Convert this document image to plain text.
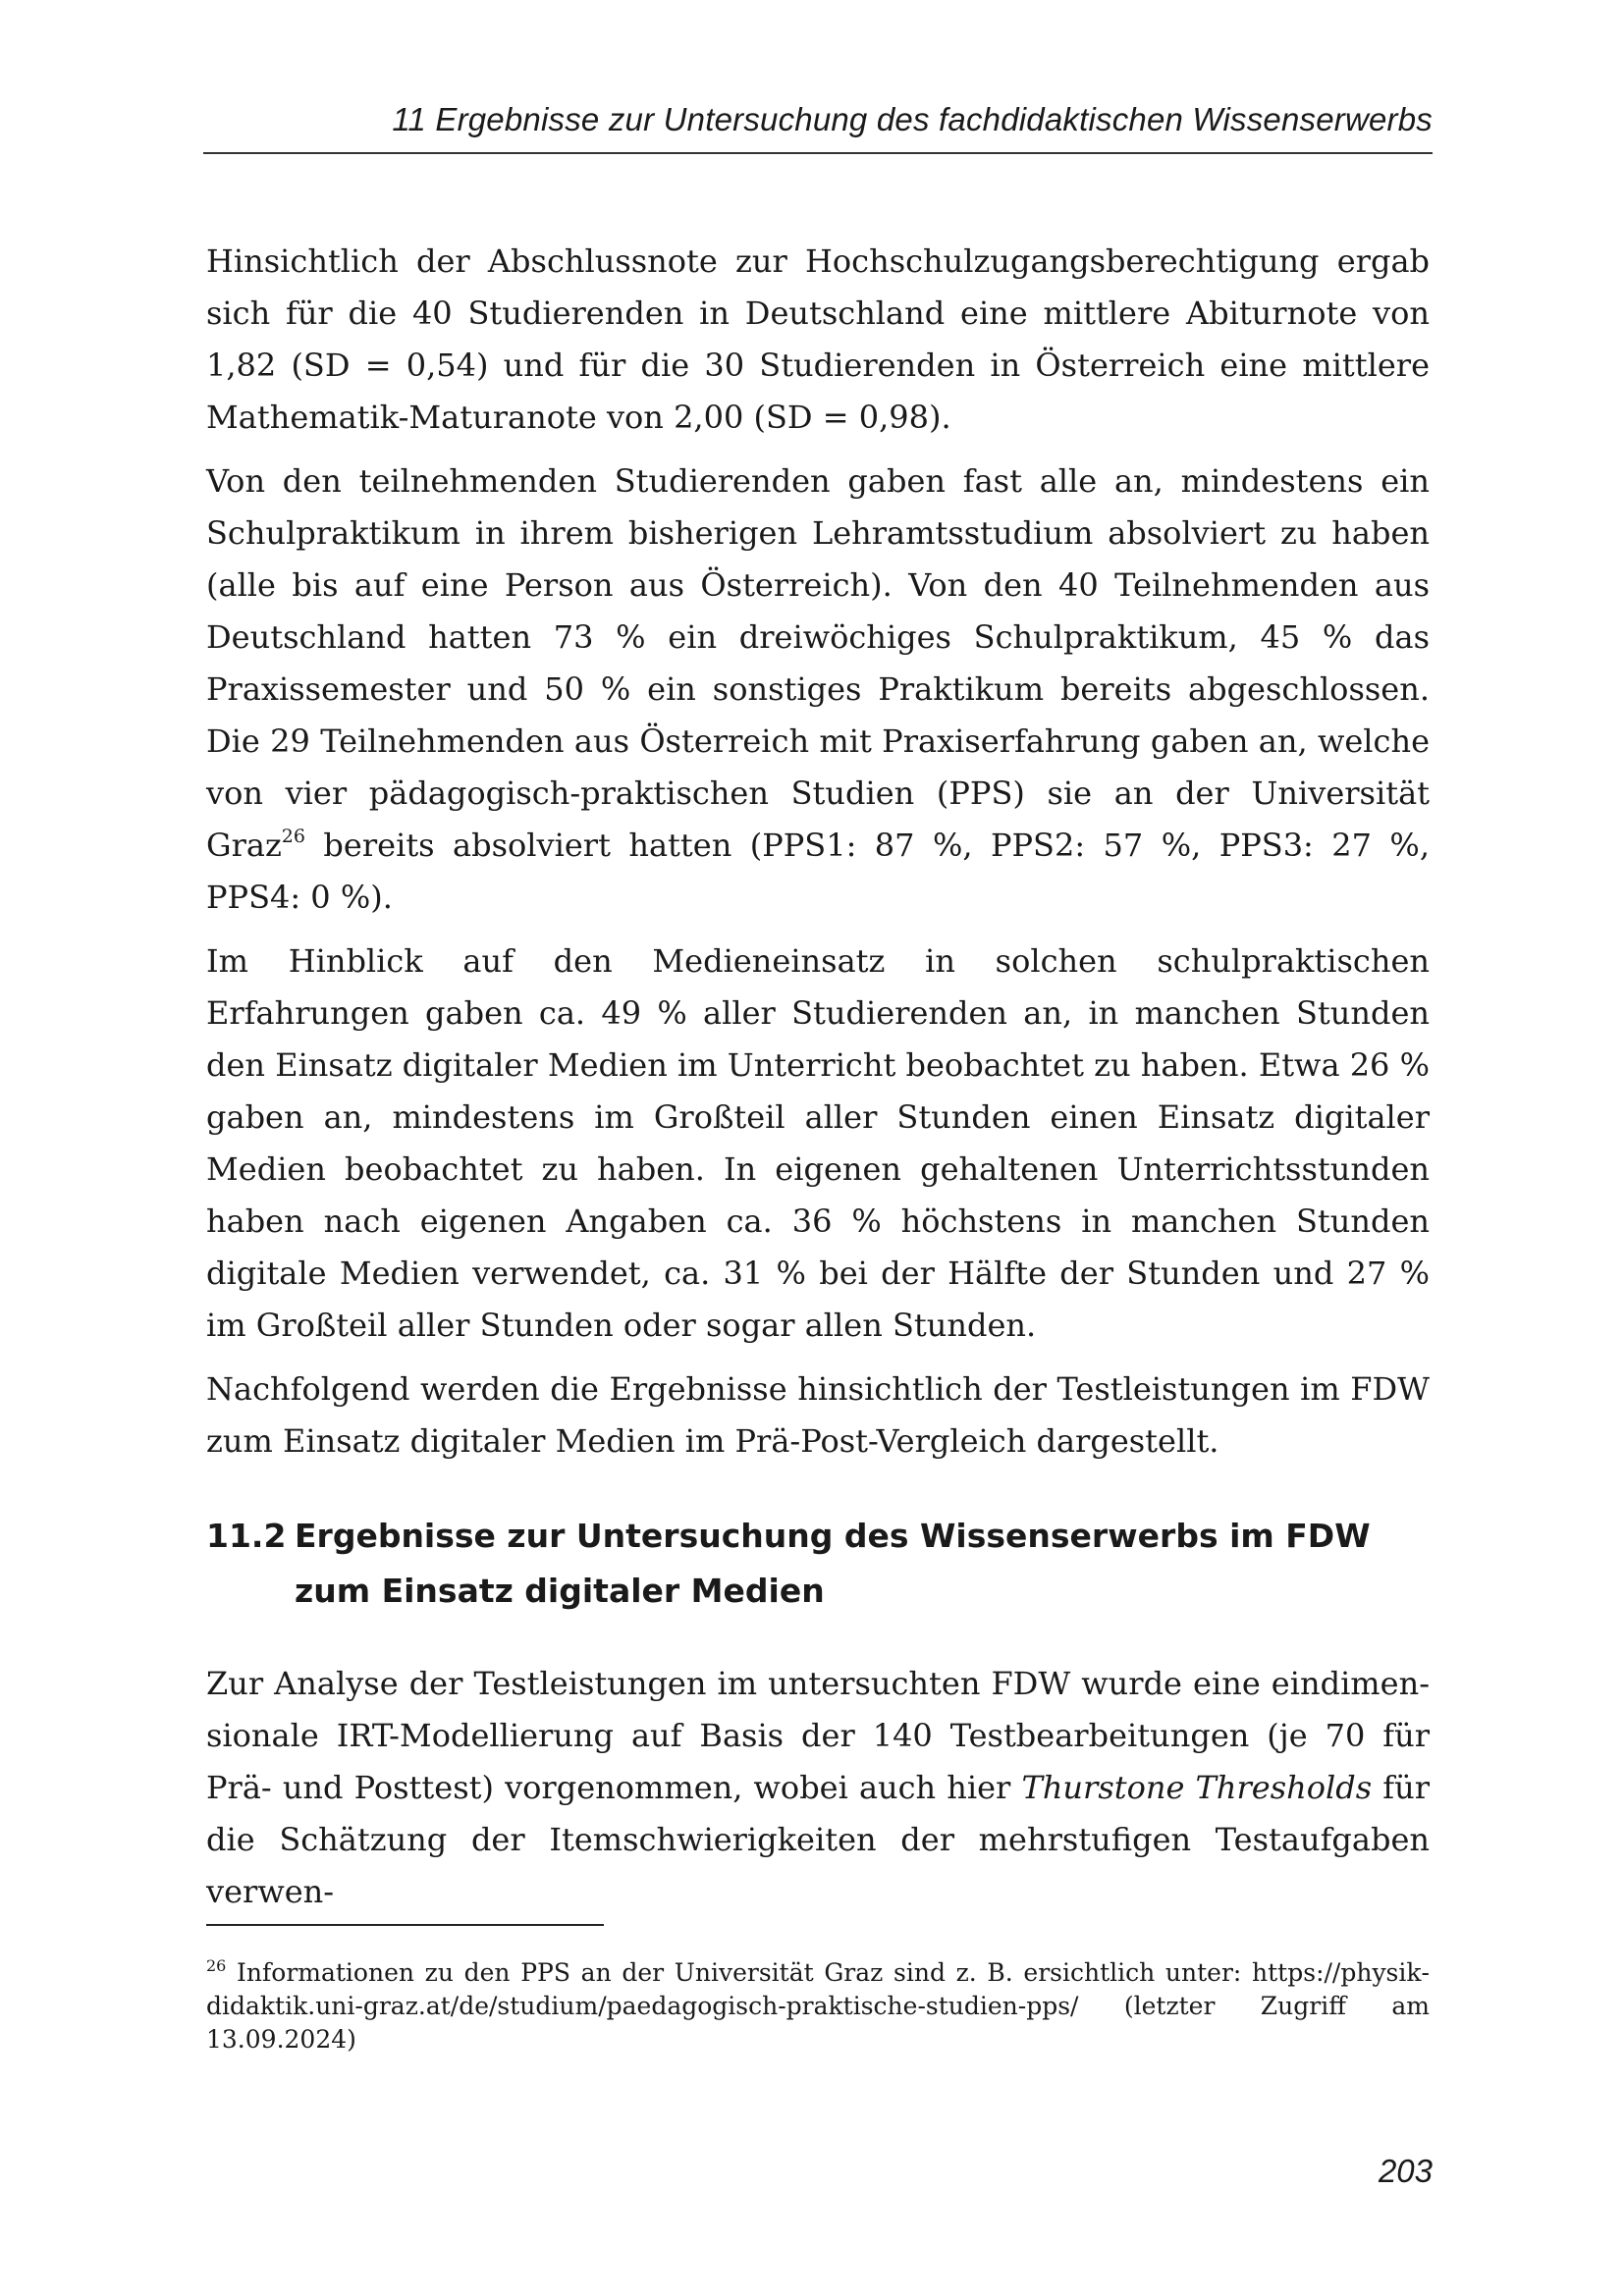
11 Ergebnisse zur Untersuchung des fachdidaktischen Wissenserwerbs

Hinsichtlich der Abschlussnote zur Hochschulzugangsberechtigung ergab sich für die 40 Studierenden in Deutschland eine mittlere Abiturnote von 1,82 (SD = 0,54) und für die 30 Studierenden in Österreich eine mittlere Mathematik-Maturanote von 2,00 (SD = 0,98).

Von den teilnehmenden Studierenden gaben fast alle an, mindestens ein Schulpraktikum in ihrem bisherigen Lehramtsstudium absolviert zu haben (alle bis auf eine Person aus Österreich). Von den 40 Teilnehmenden aus Deutschland hatten 73 % ein dreiwöchiges Schulpraktikum, 45 % das Praxissemester und 50 % ein sonstiges Praktikum bereits abgeschlossen. Die 29 Teilnehmenden aus Österreich mit Praxiserfahrung gaben an, welche von vier pädagogisch-praktischen Studien (PPS) sie an der Universität Graz$^{26}$ bereits absolviert hatten (PPS1: 87 %, PPS2: 57 %, PPS3: 27 %, PPS4: 0 %).

Im Hinblick auf den Medieneinsatz in solchen schulpraktischen Erfahrungen gaben ca. 49 % aller Studierenden an, in manchen Stunden den Einsatz digitaler Medien im Unterricht beobachtet zu haben. Etwa 26 % gaben an, mindestens im Großteil aller Stunden einen Einsatz digitaler Medien beobachtet zu haben. In eigenen gehaltenen Unterrichtsstunden haben nach eigenen Angaben ca. 36 % höchstens in manchen Stunden digitale Medien verwendet, ca. 31 % bei der Hälfte der Stunden und 27 % im Großteil aller Stunden oder sogar allen Stunden.

Nachfolgend werden die Ergebnisse hinsichtlich der Testleistungen im FDW zum Einsatz digitaler Medien im Prä-Post-Vergleich dargestellt.

11.2 Ergebnisse zur Untersuchung des Wissenserwerbs im FDW zum Einsatz digitaler Medien

Zur Analyse der Testleistungen im untersuchten FDW wurde eine eindimensionale IRT-Modellierung auf Basis der 140 Testbearbeitungen (je 70 für Prä- und Posttest) vorgenommen, wobei auch hier Thurstone Thresholds für die Schätzung der Itemschwierigkeiten der mehrstufigen Testaufgaben verwen-

$^{26}$ Informationen zu den PPS an der Universität Graz sind z. B. ersichtlich unter: https://physikdidaktik.uni-graz.at/de/studium/paedagogisch-praktische-studien-pps/ (letzter Zugriff am 13.09.2024)
203
